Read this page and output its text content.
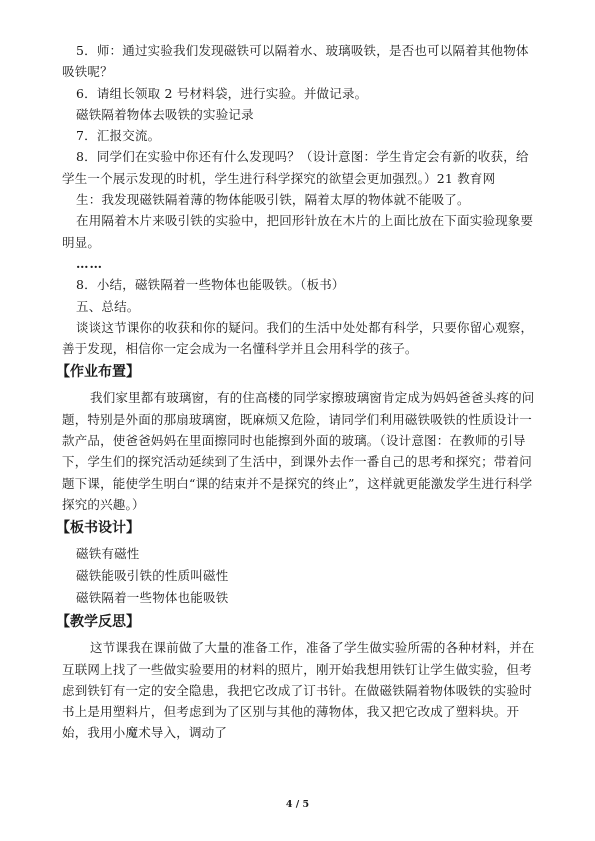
5．师：通过实验我们发现磁铁可以隔着水、玻璃吸铁，是否也可以隔着其他物体吸铁呢？

6．请组长领取 2 号材料袋，进行实验。并做记录。

磁铁隔着物体去吸铁的实验记录

7．汇报交流。

8．同学们在实验中你还有什么发现吗？（设计意图：学生肯定会有新的收获，给学生一个展示发现的时机，学生进行科学探究的欲望会更加强烈。）21 教育网

生：我发现磁铁隔着薄的物体能吸引铁，隔着太厚的物体就不能吸了。

在用隔着木片来吸引铁的实验中，把回形针放在木片的上面比放在下面实验现象要明显。

……

8．小结，磁铁隔着一些物体也能吸铁。（板书）

五、总结。

谈谈这节课你的收获和你的疑问。我们的生活中处处都有科学，只要你留心观察，善于发现，相信你一定会成为一名懂科学并且会用科学的孩子。

【作业布置】

我们家里都有玻璃窗，有的住高楼的同学家擦玻璃窗肯定成为妈妈爸爸头疼的问题，特别是外面的那扇玻璃窗，既麻烦又危险，请同学们利用磁铁吸铁的性质设计一款产品，使爸爸妈妈在里面擦同时也能擦到外面的玻璃。（设计意图：在教师的引导下，学生们的探究活动延续到了生活中，到课外去作一番自己的思考和探究；带着问题下课，能使学生明白“课的结束并不是探究的终止”，这样就更能激发学生进行科学探究的兴趣。）

【板书设计】

磁铁有磁性

磁铁能吸引铁的性质叫磁性

磁铁隔着一些物体也能吸铁

【教学反思】

这节课我在课前做了大量的准备工作，准备了学生做实验所需的各种材料，并在互联网上找了一些做实验要用的材料的照片，刚开始我想用铁钉让学生做实验，但考虑到铁钉有一定的安全隐患，我把它改成了订书针。在做磁铁隔着物体吸铁的实验时书上是用塑料片，但考虑到为了区别与其他的薄物体，我又把它改成了塑料块。开始，我用小魔术导入，调动了

4 / 5
